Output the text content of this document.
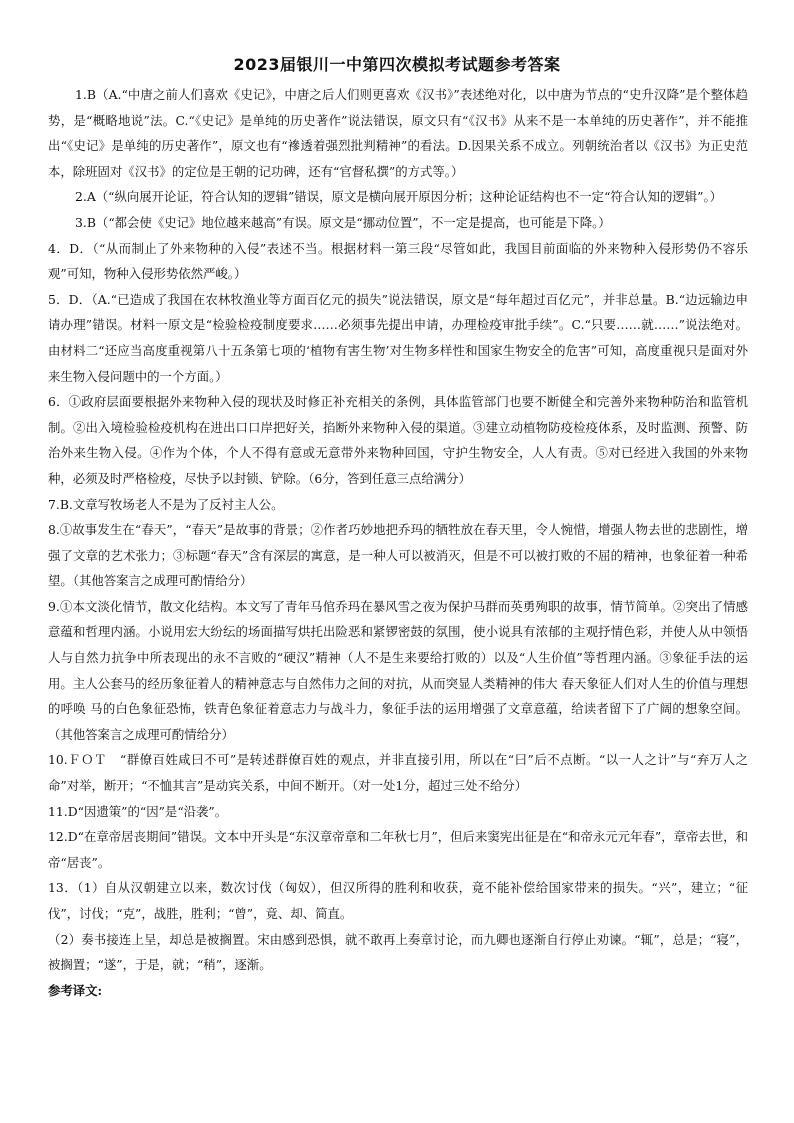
2023届银川一中第四次模拟考试题参考答案

1.B（A.“中唐之前人们喜欢《史记》，中唐之后人们则更喜欢《汉书》”表述绝对化，以中唐为节点的“史升汉降”是个整体趋势，是“概略地说”法。C.“《史记》是单纯的历史著作”说法错误，原文只有“《汉书》从来不是一本单纯的历史著作”，并不能推出“《史记》是单纯的历史著作”，原文也有“襂透着强烈批判精神”的看法。D.因果关系不成立。列朝统治者以《汉书》为正史范本，除班固对《汉书》的定位是王朝的记功碑，还有“官督私撰”的方式等。）

2.A（“纵向展开论证，符合认知的逻辑”错误，原文是横向展开原因分析；这种论证结构也不一定“符合认知的逻辑”。）

3.B（“都会使《史记》地位越来越高”有误。原文是“挪动位置”，不一定是提高，也可能是下降。）

4．D．（“从而制止了外来物种的入侵”表述不当。根据材料一第三段“尽管如此，我国目前面临的外来物种入侵形势仍不容乐观”可知，物种入侵形势依然严峻。）

5．D．（A.“已造成了我国在农林牧渔业等方面百亿元的损失”说法错误，原文是“每年超过百亿元”，并非总量。B.“边远输边申请办理”错误。材料一原文是“检验检疫制度要求……必须事先提出申请，办理检疫审批手续”。C.“只要……就……”说法绝对。由材料二“还应当高度重视第八十五条第七项的‘植物有害生物’对生物多样性和国家生物安全的危害”可知，高度重视只是面对外来生物入侵问题中的一个方面。）

6．①政府层面要根据外来物种入侵的现状及时修正补充相关的条例，具体监管部门也要不断健全和完善外来物种防治和监管机制。②出入境检验检疫机构在进出口口岸把好关，掐断外来物种入侵的渠道。③建立动植物防疫检疫体系，及时监测、预警、防治外来生物入侵。④作为个体，个人不得有意或无意带外来物种回国，守护生物安全，人人有责。⑤对已经进入我国的外来物种，必须及时严格检疫，尽快予以封锁、铲除。（6分，答到任意三点给满分）

7.B.文章写牧场老人不是为了反衬主人公。

8.①故事发生在“春天”，“春天”是故事的背景；②作者巧妙地把乔玛的牺牲放在春天里，令人惋惜，增强人物去世的悲剧性，增强了文章的艺术张力；③标题“春天”含有深层的寓意，是一种人可以被消灭，但是不可以被打败的不屈的精神，也象征着一种希望。（其他答案言之成理可酌情给分）

9.①本文淡化情节，散文化结构。本文写了青年马倌乔玛在暴风雪之夜为保护马群而英勇殉职的故事，情节简单。②突出了情感意蕴和哲理内涵。小说用宏大纷纭的场面描写烘托出险恶和紧锣密鼓的氛围，使小说具有浓郁的主观抒情色彩，并使人从中领悟人与自然力抗争中所表现出的永不言败的“硬汉”精神（人不是生来要给打败的）以及“人生价值”等哲理内涵。③象征手法的运用。主人公套马的经历象征着人的精神意志与自然伟力之间的对抗，从而突显人类精神的伟大 春天象征人们对人生的价值与理想的呼唤 马的白色象征恐怖，铁青色象征着意志力与战斗力，象征手法的运用增强了文章意蕴，给读者留下了广阔的想象空间。（其他答案言之成理可酌情给分）

10.ＦＯＴ　“群僚百姓咸曰不可”是转述群僚百姓的观点，并非直接引用，所以在“曰”后不点断。“以一人之计”与“弃万人之命”对举，断开；“不恤其言”是动宾关系，中间不断开。（对一处1分，超过三处不给分）

11.D“因遗策”的“因”是“沿袭”。

12.D“在章帝居丧期间”错误。文本中开头是“东汉章帝章和二年秋七月”，但后来窦宪出征是在“和帝永元元年春”，章帝去世，和帝“居丧”。

13．（1）自从汉朝建立以来，数次讨伐（匈奴），但汉所得的胜利和收获，竟不能补偿给国家带来的损失。“兴”，建立；“征伐”，讨伐；“克”，战胜，胜利；“曾”，竟、却、简直。

（2）奏书接连上呈，却总是被搁置。宋由感到恐惧，就不敢再上奏章讨论，而九卿也逐渐自行停止劝谏。“辄”，总是；“寝”，被搁置；“遂”，于是，就；“稍”，逐渐。

参考译文:
